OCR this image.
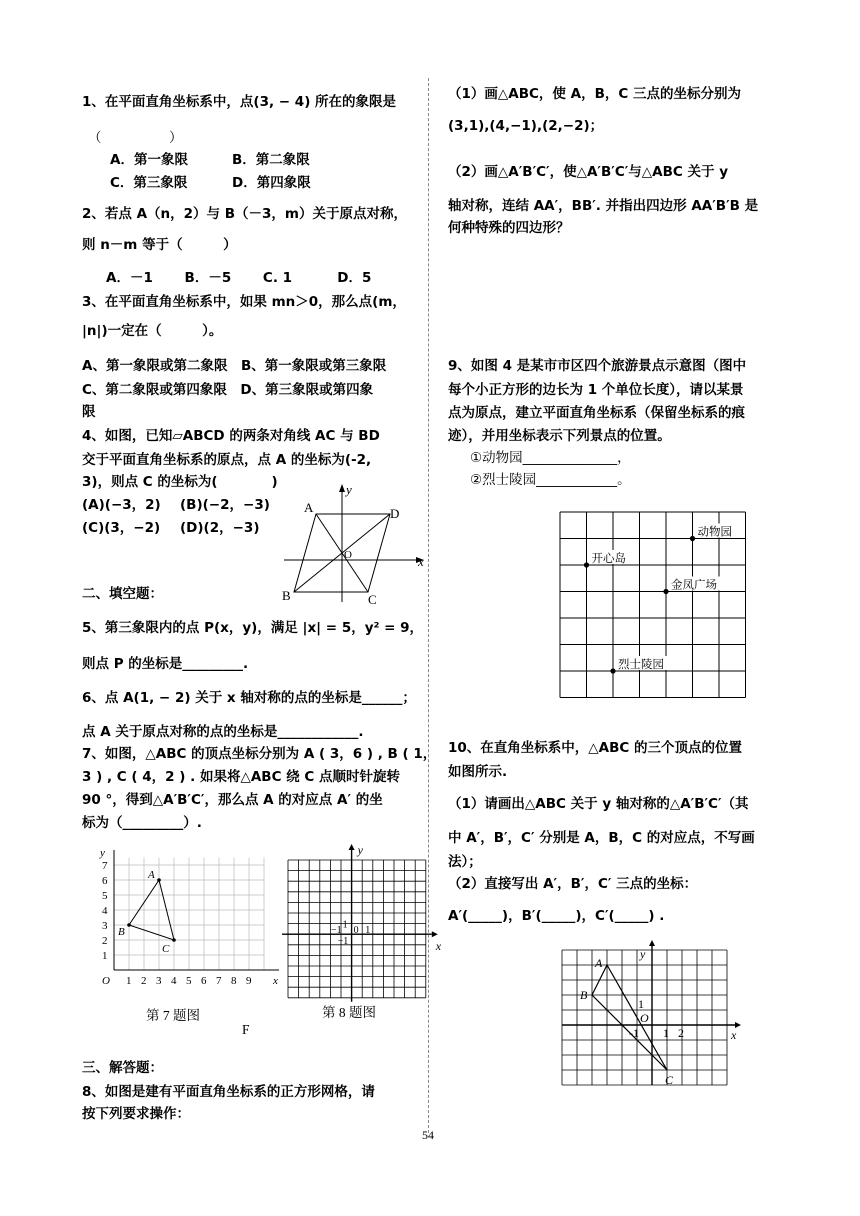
1、在平面直角坐标系中，点(3, − 4) 所在的象限是
（　　　　　）
A．第一象限	B．第二象限
C．第三象限	D．第四象限
2、若点 A（n，2）与 B（－3，m）关于原点对称，
则 n－m 等于（　　　）
A．－1　　 B．－5　　 C. 1　　　 D．5
3、在平面直角坐标系中，如果 mn＞0，那么点(m，
|n|)一定在（　　　）。
A、第一象限或第二象限　B、第一象限或第三象限
C、第二象限或第四象限　D、第三象限或第四象
限
4、如图，已知▱ABCD 的两条对角线 AC 与 BD
交于平面直角坐标系的原点，点 A 的坐标为(-2,
3)，则点 C 的坐标为(　　　　)
(A)(−3，2) (B)(−2，−3)
(C)(3，−2) (D)(2，−3)
A	D
B	C
O	x
y
二、填空题：
5、第三象限内的点 P(x，y)，满足 |x| = 5，y² = 9，
则点 P 的坐标是_________.
6、点 A(1, − 2) 关于 x 轴对称的点的坐标是______；
点 A 关于原点对称的点的坐标是____________.
7、如图，△ABC 的顶点坐标分别为 A ( 3，6 ) , B ( 1，
3 ) , C ( 4，2 ) . 如果将△ABC 绕 C 点顺时针旋转
90 °，得到△A′B′C′，那么点 A 的对应点 A′ 的坐
标为（_________）.
O	x
y
1 2 3 4 5 6 7 8 9
1
2
3
4
5
6
7
A
B
C
第 7 题图
F
y
x
1
0
−1 1
−1
第 8 题图
三、解答题：
8、如图是建有平面直角坐标系的正方形网格，请
按下列要求操作：
（1）画△ABC，使 A，B，C 三点的坐标分别为
(3,1),(4,−1),(2,−2)；
（2）画△A′B′C′，使△A′B′C′与△ABC 关于 y
轴对称，连结 AA′，BB′. 并指出四边形 AA′B′B 是
何种特殊的四边形？
9、如图 4 是某市市区四个旅游景点示意图（图中
每个小正方形的边长为 1 个单位长度），请以某景
点为原点，建立平面直角坐标系（保留坐标系的痕
迹），并用坐标表示下列景点的位置。
①动物园______________，
②烈士陵园____________。
动物园
开心岛
金凤广场
烈士陵园
10、在直角坐标系中，△ABC 的三个顶点的位置
如图所示.
（1）请画出△ABC 关于 y 轴对称的△A′B′C′（其
中 A′，B′，C′ 分别是 A，B，C 的对应点，不写画
法）；
（2）直接写出 A′，B′，C′ 三点的坐标：
A′(_____)，B′(_____)，C′(_____) .
A
B
C
O
1
-1 1 2	x
y
54
